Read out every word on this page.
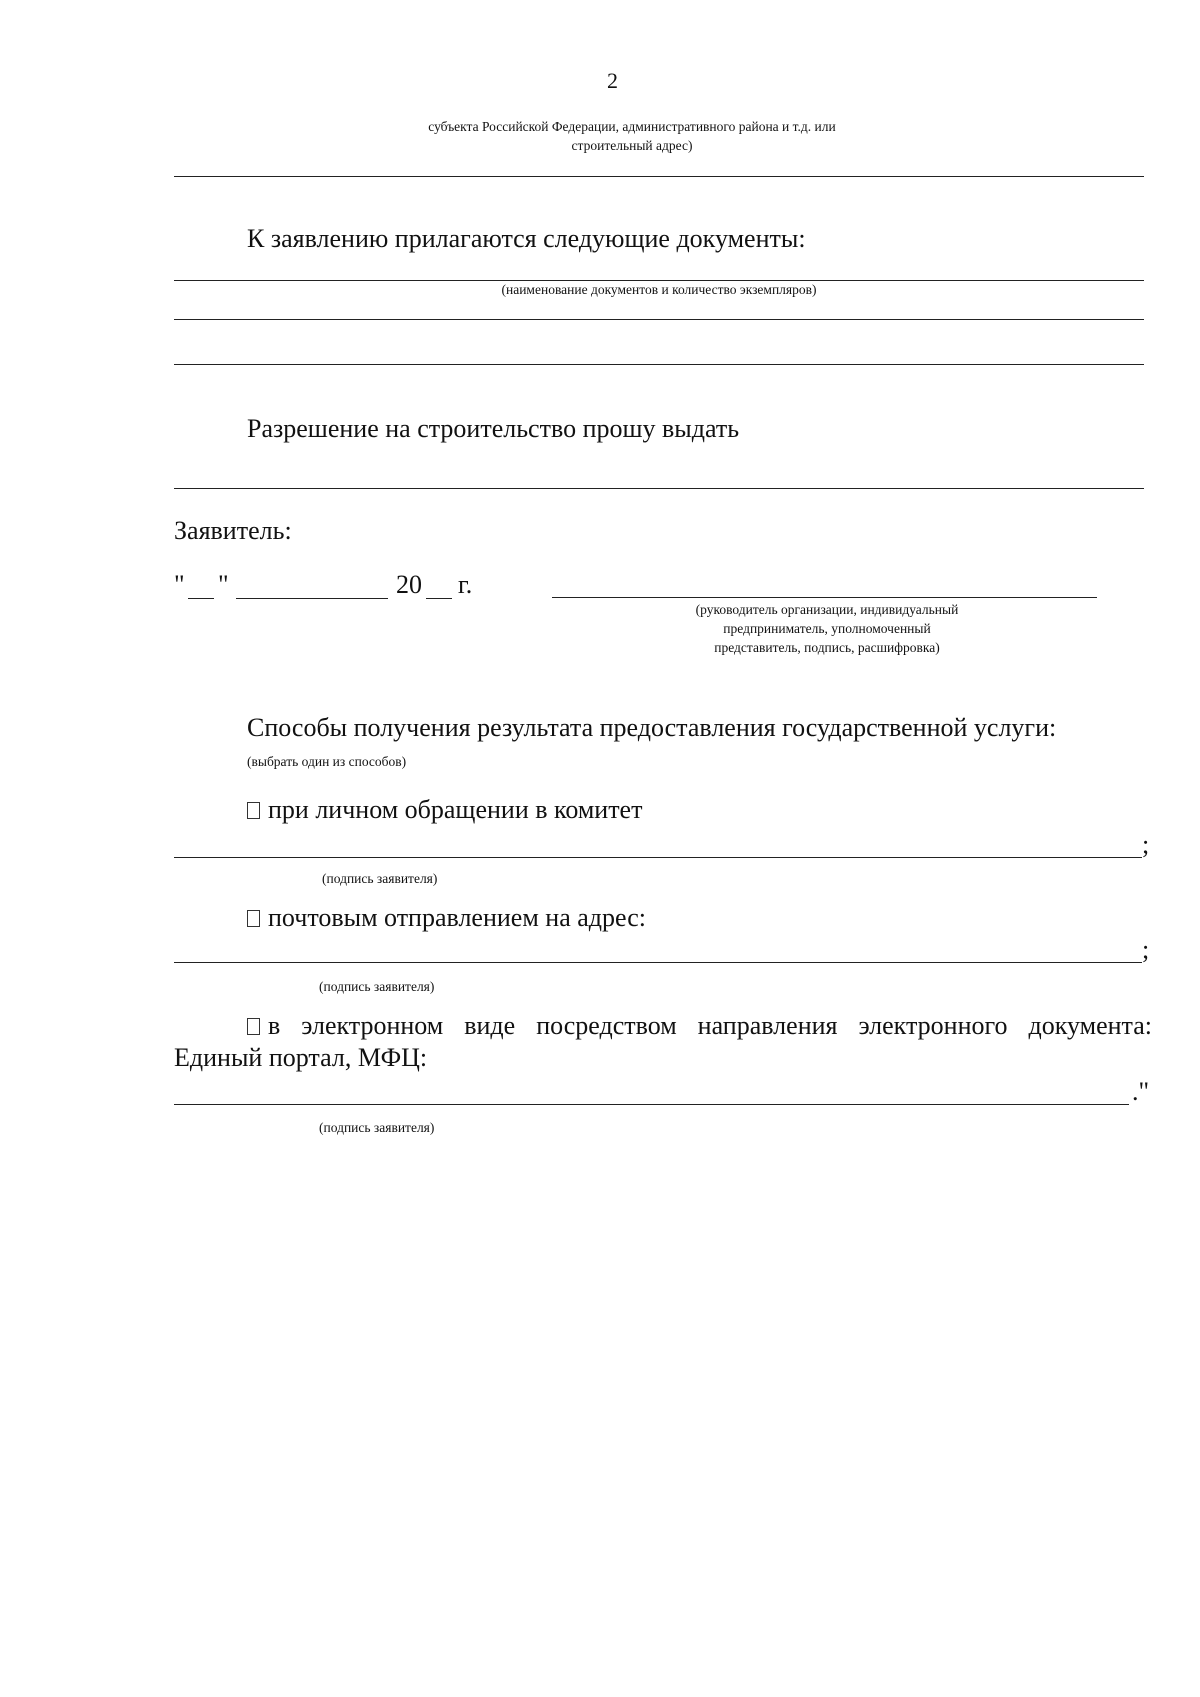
2
субъекта Российской Федерации, административного района и т.д. или
строительный адрес)
К заявлению прилагаются следующие документы:
(наименование документов и количество экземпляров)
Разрешение на строительство прошу выдать
Заявитель:
" "	20 г.
(руководитель организации, индивидуальный
предприниматель, уполномоченный
представитель, подпись, расшифровка)
Способы получения результата предоставления государственной услуги:
(выбрать один из способов)
при личном обращении в комитет
;
(подпись заявителя)
почтовым отправлением на адрес:
;
(подпись заявителя)
в электронном виде посредством направления электронного документа:
Единый портал, МФЦ:
."
(подпись заявителя)
